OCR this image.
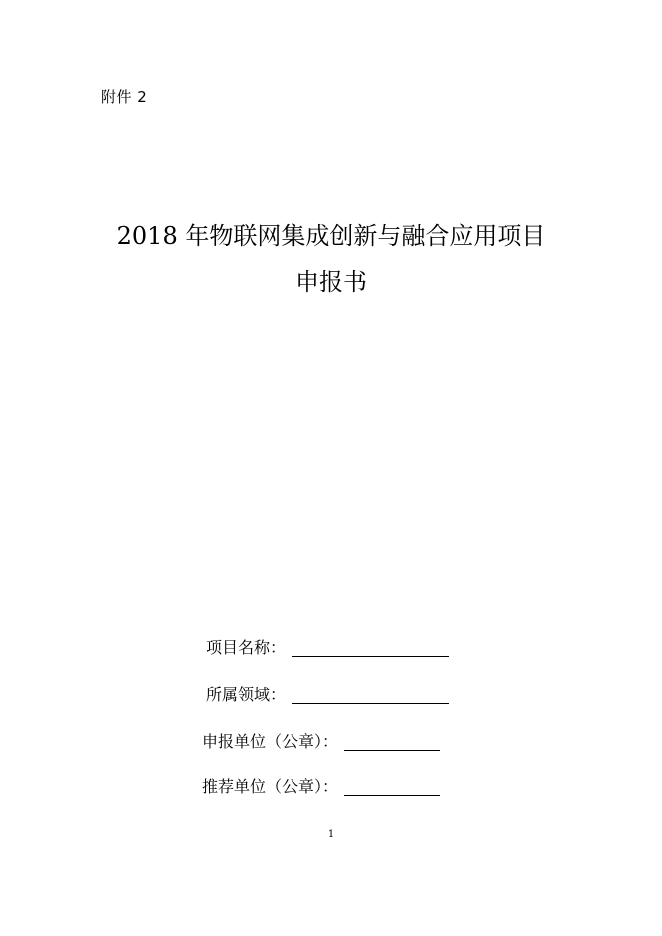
附件 2
2018 年物联网集成创新与融合应用项目
申报书
项目名称：
所属领域：
申报单位（公章）：
推荐单位（公章）：
1
